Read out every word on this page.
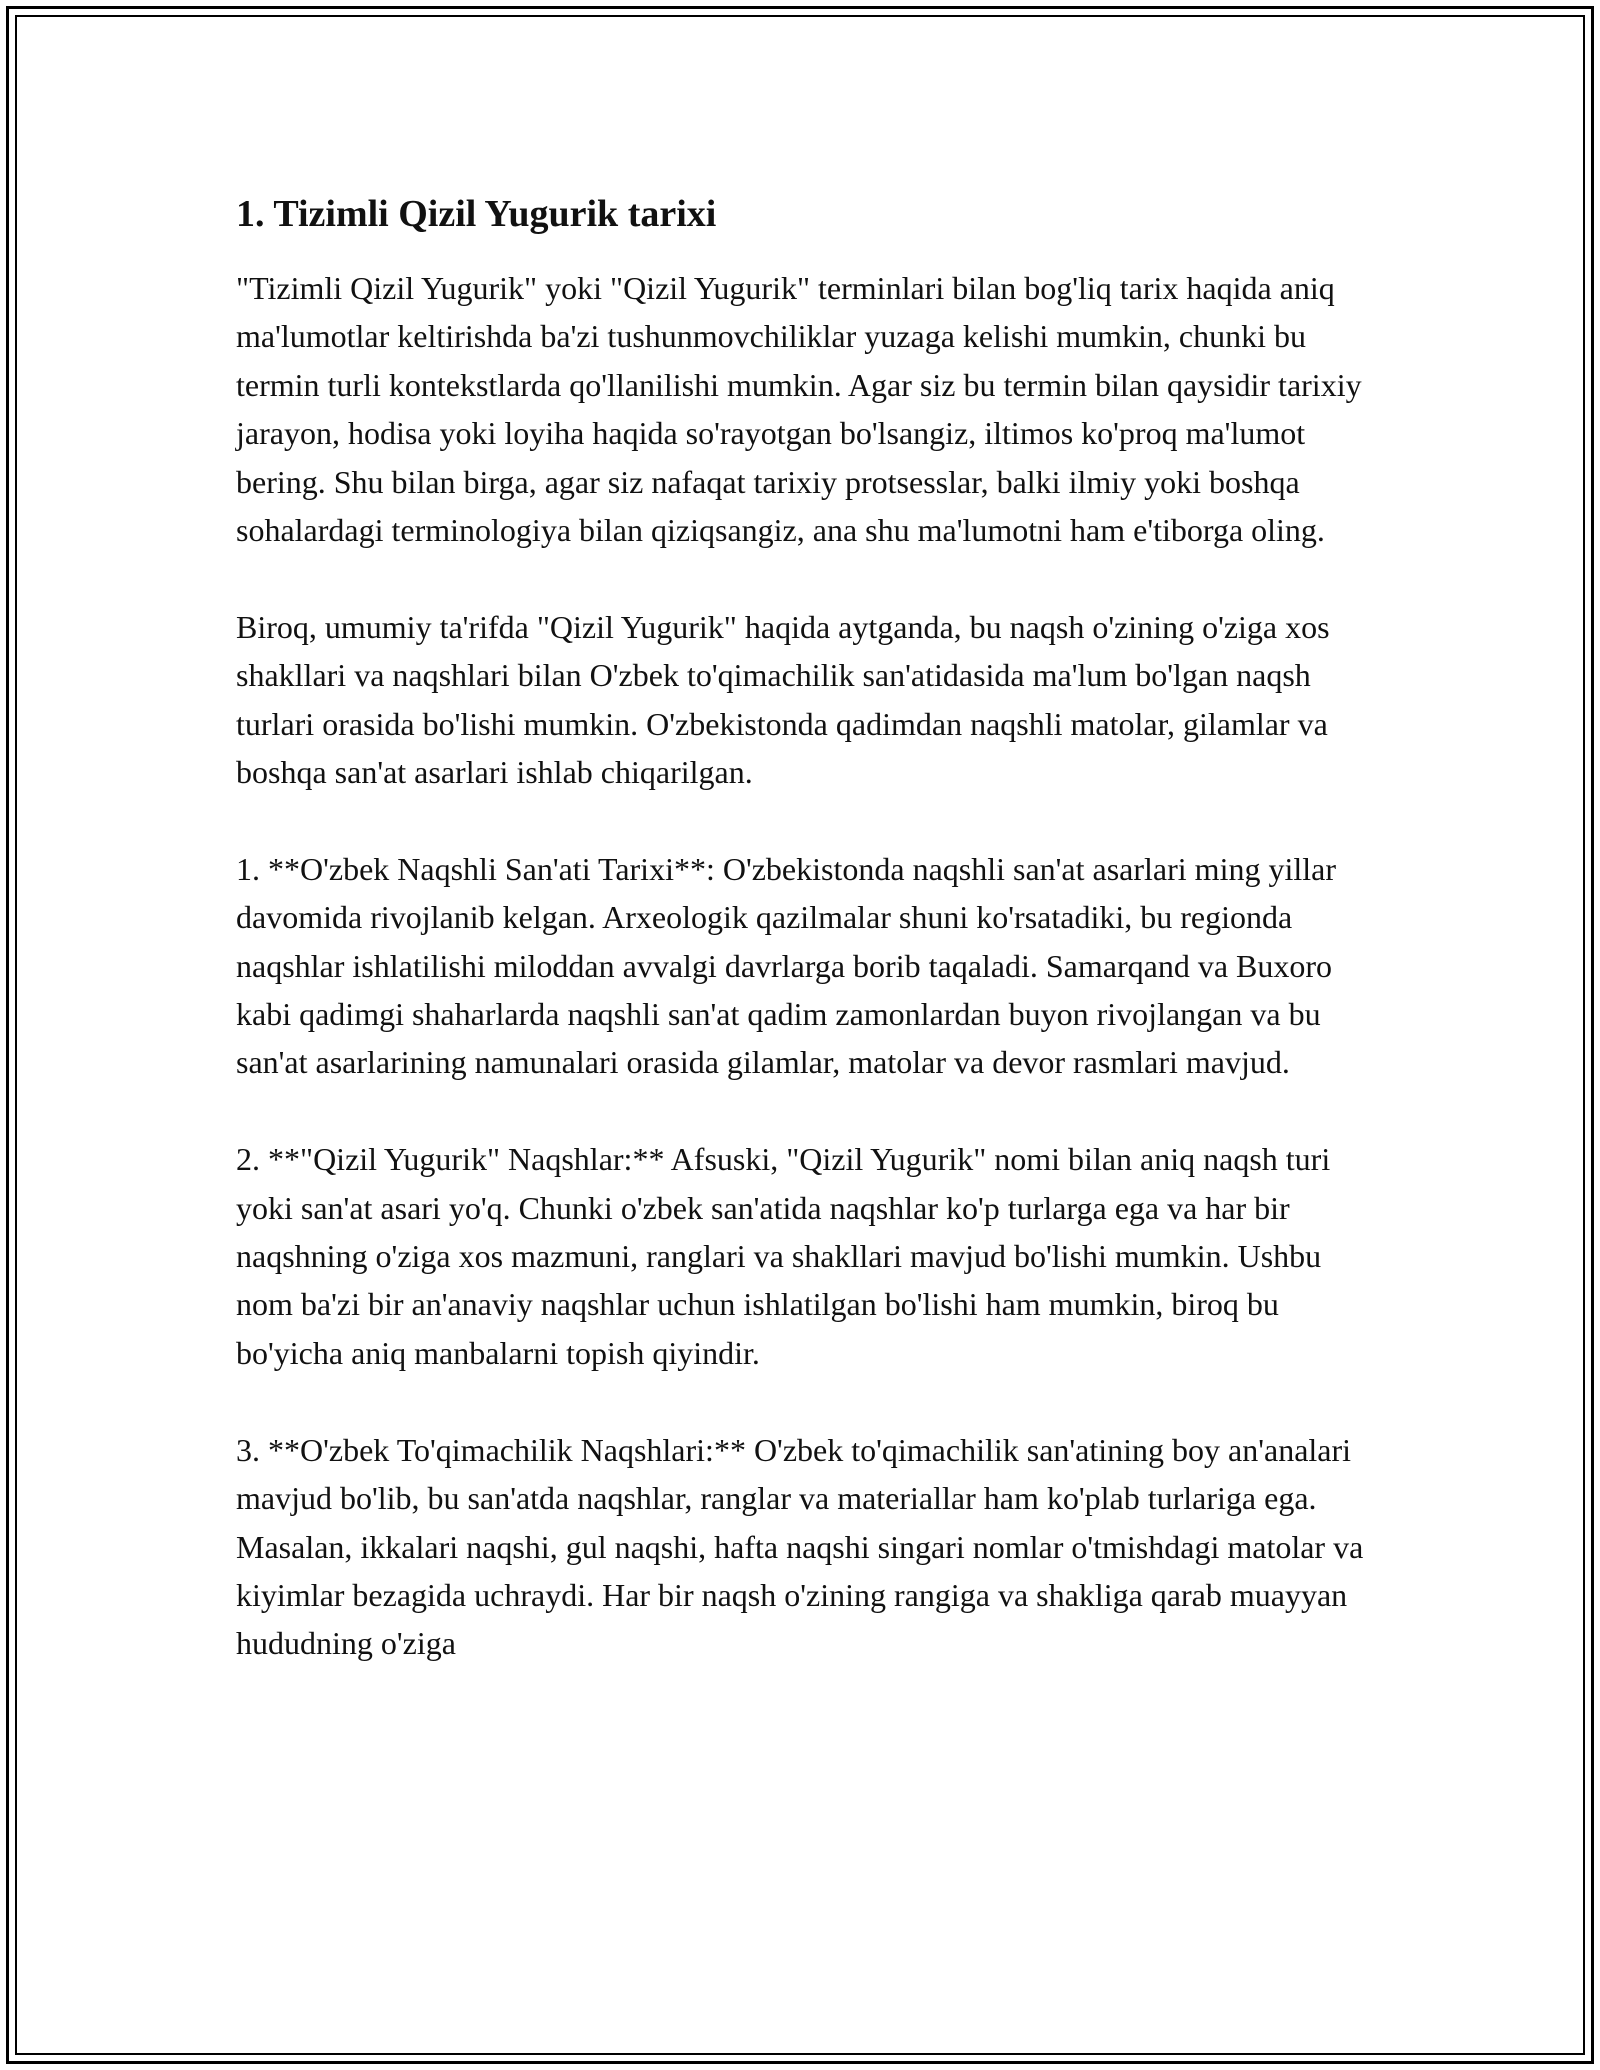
1. Tizimli Qizil Yugurik tarixi

"Tizimli Qizil Yugurik" yoki "Qizil Yugurik" terminlari bilan bog'liq tarix haqida aniq ma'lumotlar keltirishda ba'zi tushunmovchiliklar yuzaga kelishi mumkin, chunki bu termin turli kontekstlarda qo'llanilishi mumkin. Agar siz bu termin bilan qaysidir tarixiy jarayon, hodisa yoki loyiha haqida so'rayotgan bo'lsangiz, iltimos ko'proq ma'lumot bering. Shu bilan birga, agar siz nafaqat tarixiy protsesslar, balki ilmiy yoki boshqa sohalardagi terminologiya bilan qiziqsangiz, ana shu ma'lumotni ham e'tiborga oling.

Biroq, umumiy ta'rifda "Qizil Yugurik" haqida aytganda, bu naqsh o'zining o'ziga xos shakllari va naqshlari bilan O'zbek to'qimachilik san'atidasida ma'lum bo'lgan naqsh turlari orasida bo'lishi mumkin. O'zbekistonda qadimdan naqshli matolar, gilamlar va boshqa san'at asarlari ishlab chiqarilgan.

1. **O'zbek Naqshli San'ati Tarixi**: O'zbekistonda naqshli san'at asarlari ming yillar davomida rivojlanib kelgan. Arxeologik qazilmalar shuni ko'rsatadiki, bu regionda naqshlar ishlatilishi miloddan avvalgi davrlarga borib taqaladi. Samarqand va Buxoro kabi qadimgi shaharlarda naqshli san'at qadim zamonlardan buyon rivojlangan va bu san'at asarlarining namunalari orasida gilamlar, matolar va devor rasmlari mavjud.

2. **"Qizil Yugurik" Naqshlar:** Afsuski, "Qizil Yugurik" nomi bilan aniq naqsh turi yoki san'at asari yo'q. Chunki o'zbek san'atida naqshlar ko'p turlarga ega va har bir naqshning o'ziga xos mazmuni, ranglari va shakllari mavjud bo'lishi mumkin. Ushbu nom ba'zi bir an'anaviy naqshlar uchun ishlatilgan bo'lishi ham mumkin, biroq bu bo'yicha aniq manbalarni topish qiyindir.

3. **O'zbek To'qimachilik Naqshlari:** O'zbek to'qimachilik san'atining boy an'analari mavjud bo'lib, bu san'atda naqshlar, ranglar va materiallar ham ko'plab turlariga ega. Masalan, ikkalari naqshi, gul naqshi, hafta naqshi singari nomlar o'tmishdagi matolar va kiyimlar bezagida uchraydi. Har bir naqsh o'zining rangiga va shakliga qarab muayyan hududning o'ziga
